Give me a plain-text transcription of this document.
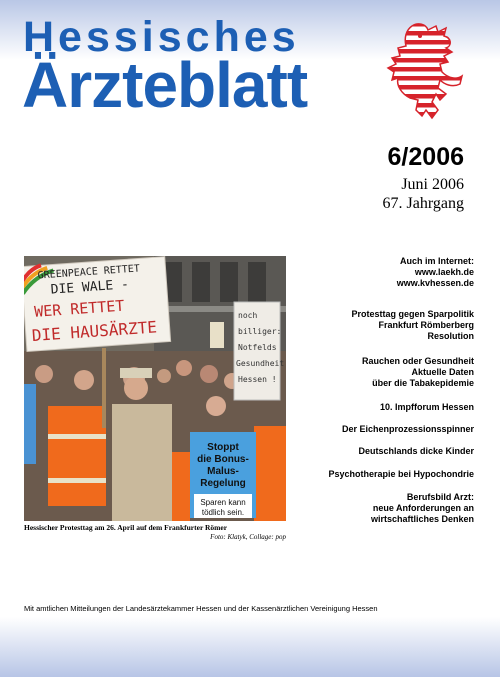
Hessisches
Ärzteblatt
6/2006
Juni 2006
67. Jahrgang
GREENPEACE RETTET
DIE WALE -
WER RETTET
DIE HAUSÄRZTE
noch
billiger:
Notfelds
Gesundheit
Hessen !
Stoppt
die Bonus-
Malus-
Regelung
Sparen kann
tödlich sein.
Hessischer Protesttag am 26. April auf dem Frankfurter Römer
Foto: Klatyk, Collage: pop
Auch im Internet:
www.laekh.de
www.kvhessen.de
Protesttag gegen Sparpolitik
Frankfurt Römberberg
Resolution
Rauchen oder Gesundheit
Aktuelle Daten
über die Tabakepidemie
10. Impfforum Hessen
Der Eichenprozessionsspinner
Deutschlands dicke Kinder
Psychotherapie bei Hypochondrie
Berufsbild Arzt:
neue Anforderungen an
wirtschaftliches Denken
Mit amtlichen Mitteilungen der Landesärztekammer Hessen und der Kassenärztlichen Vereinigung Hessen
